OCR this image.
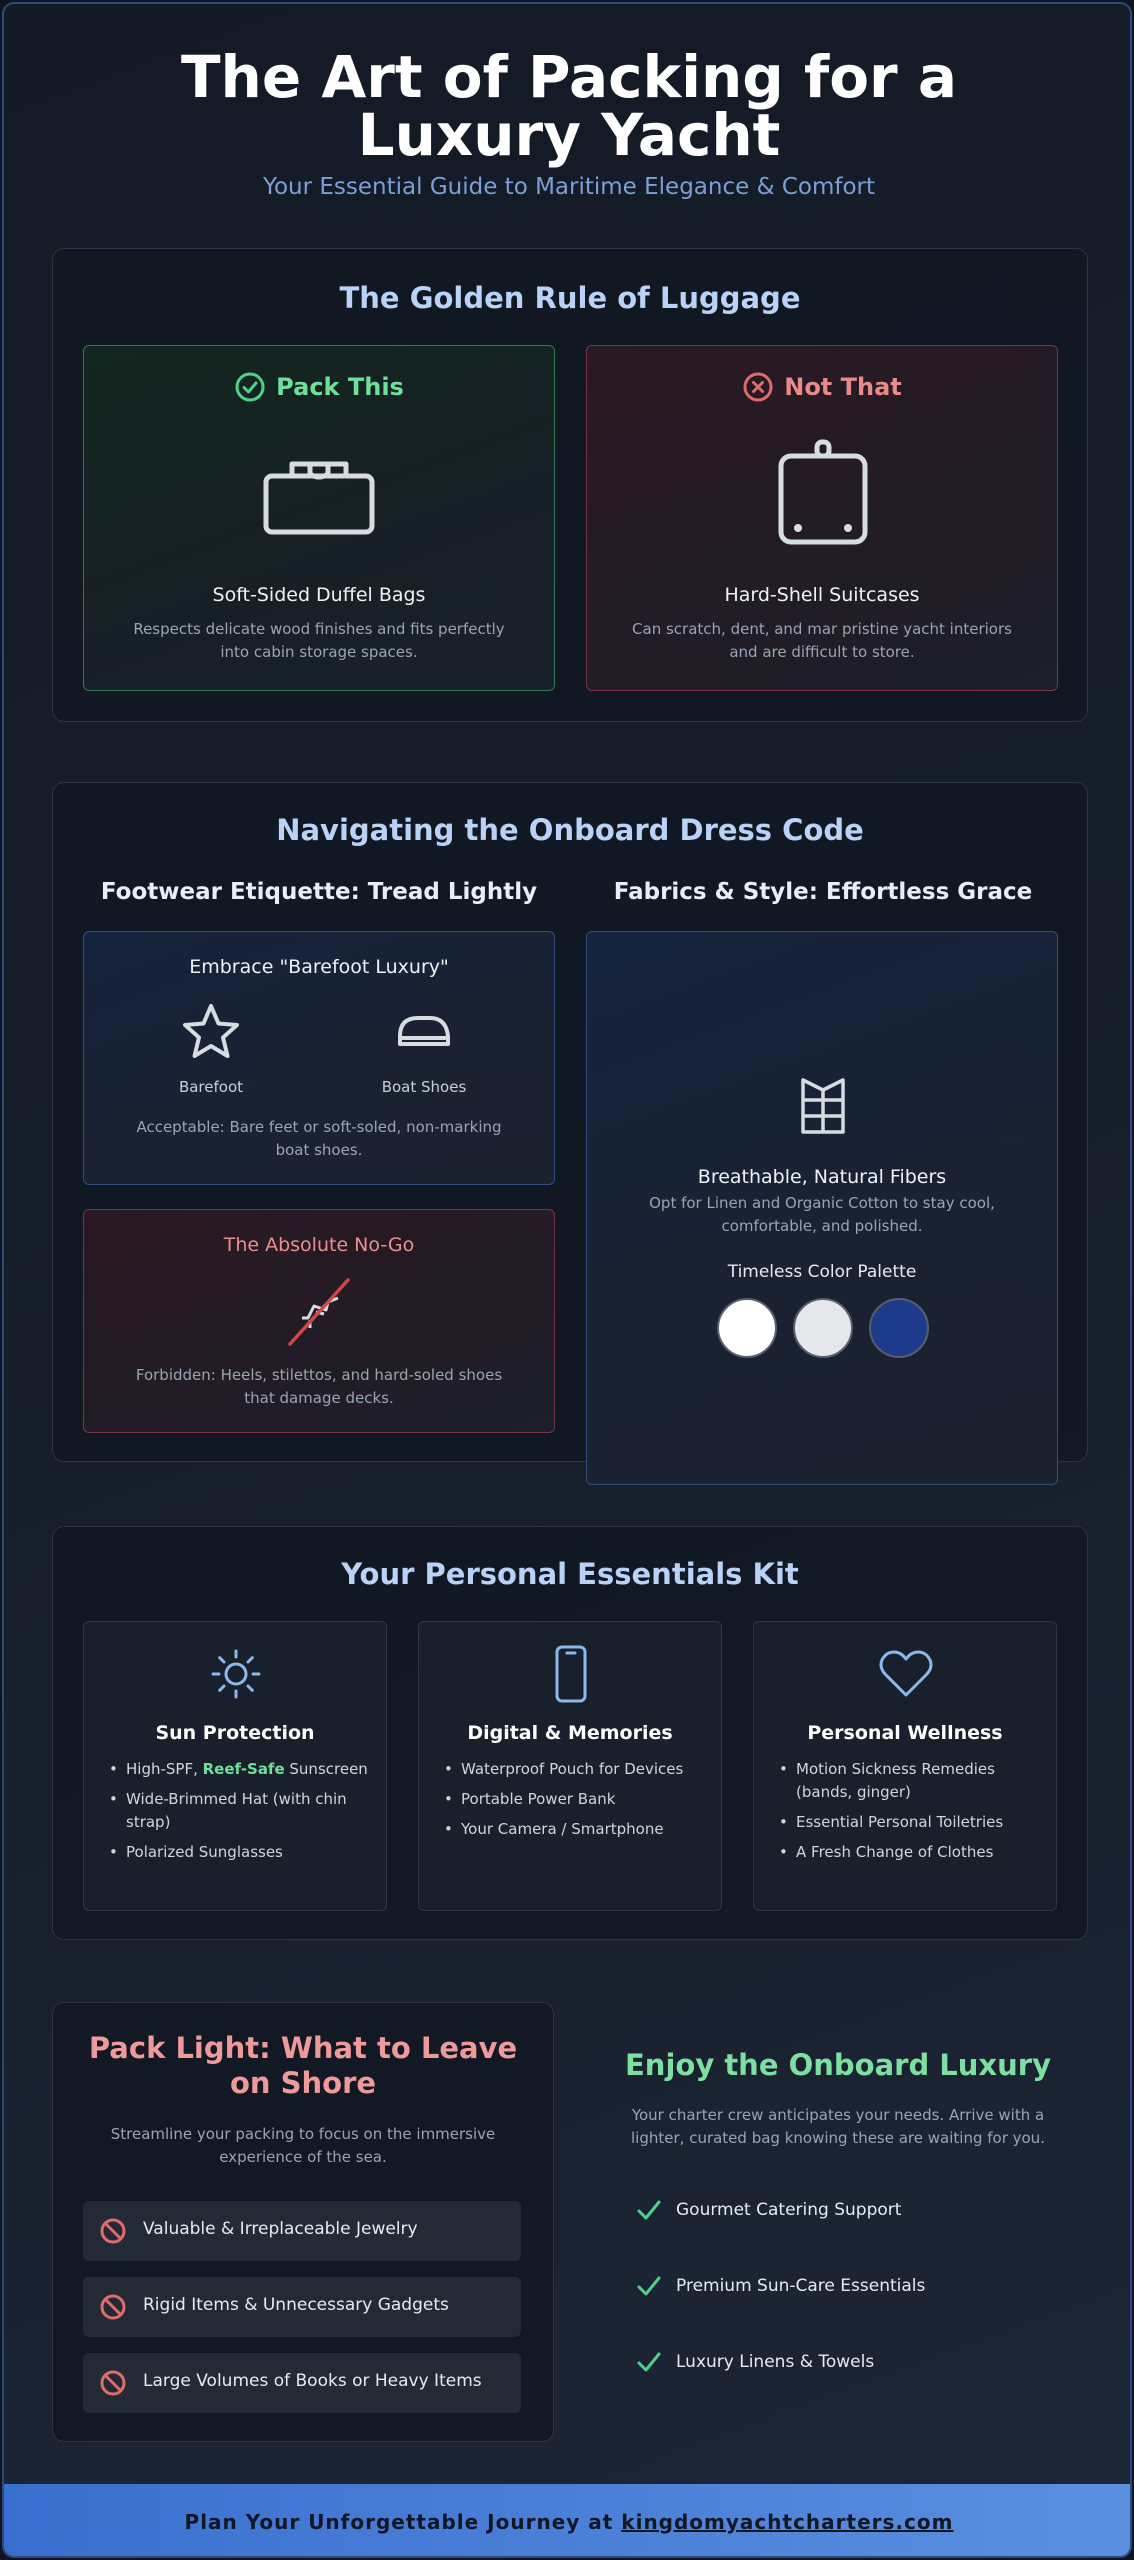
The Art of Packing for a Luxury Yacht
Your Essential Guide to Maritime Elegance & Comfort
The Golden Rule of Luggage
Pack This
Soft-Sided Duffel Bags
Respects delicate wood finishes and fits perfectly into cabin storage spaces.
Not That
Hard-Shell Suitcases
Can scratch, dent, and mar pristine yacht interiors and are difficult to store.
Navigating the Onboard Dress Code
Footwear Etiquette: Tread Lightly	Fabrics & Style: Effortless Grace
Embrace "Barefoot Luxury"
Barefoot	Boat Shoes
Acceptable: Bare feet or soft-soled, non-marking boat shoes.
The Absolute No-Go
Forbidden: Heels, stilettos, and hard-soled shoes that damage decks.
Breathable, Natural Fibers
Opt for Linen and Organic Cotton to stay cool, comfortable, and polished.
Timeless Color Palette
Your Personal Essentials Kit
Sun Protection
• High-SPF, Reef-Safe Sunscreen
• Wide-Brimmed Hat (with chin strap)
• Polarized Sunglasses
Digital & Memories
• Waterproof Pouch for Devices
• Portable Power Bank
• Your Camera / Smartphone
Personal Wellness
• Motion Sickness Remedies (bands, ginger)
• Essential Personal Toiletries
• A Fresh Change of Clothes
Pack Light: What to Leave on Shore
Streamline your packing to focus on the immersive experience of the sea.
Valuable & Irreplaceable Jewelry
Rigid Items & Unnecessary Gadgets
Large Volumes of Books or Heavy Items
Enjoy the Onboard Luxury
Your charter crew anticipates your needs. Arrive with a lighter, curated bag knowing these are waiting for you.
Gourmet Catering Support
Premium Sun-Care Essentials
Luxury Linens & Towels
Plan Your Unforgettable Journey at kingdomyachtcharters.com
